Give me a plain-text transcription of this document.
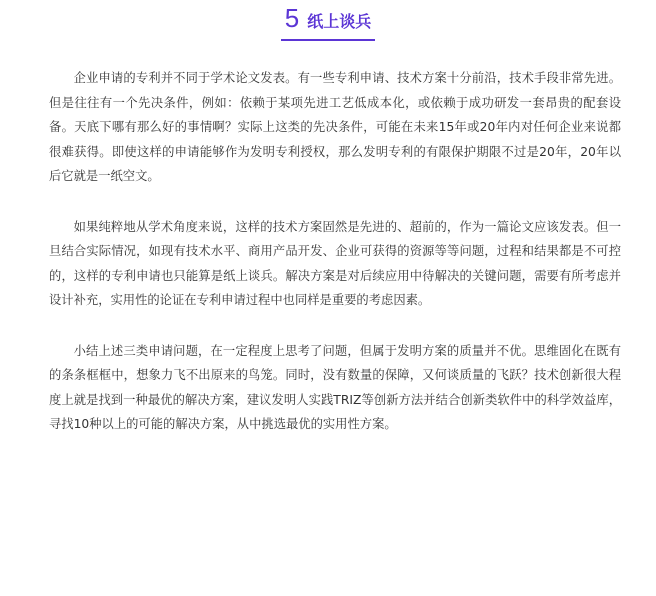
5 纸上谈兵

企业申请的专利并不同于学术论文发表。有一些专利申请、技术方案十分前沿，技术手段非常先进。但是往往有一个先决条件，例如：依赖于某项先进工艺低成本化，或依赖于成功研发一套昂贵的配套设备。天底下哪有那么好的事情啊？实际上这类的先决条件，可能在未来15年或20年内对任何企业来说都很难获得。即使这样的申请能够作为发明专利授权，那么发明专利的有限保护期限不过是20年，20年以后它就是一纸空文。

如果纯粹地从学术角度来说，这样的技术方案固然是先进的、超前的，作为一篇论文应该发表。但一旦结合实际情况，如现有技术水平、商用产品开发、企业可获得的资源等等问题，过程和结果都是不可控的，这样的专利申请也只能算是纸上谈兵。解决方案是对后续应用中待解决的关键问题，需要有所考虑并设计补充，实用性的论证在专利申请过程中也同样是重要的考虑因素。

小结上述三类申请问题，在一定程度上思考了问题，但属于发明方案的质量并不优。思维固化在既有的条条框框中，想象力飞不出原来的鸟笼。同时，没有数量的保障，又何谈质量的飞跃？技术创新很大程度上就是找到一种最优的解决方案，建议发明人实践TRIZ等创新方法并结合创新类软件中的科学效益库，寻找10种以上的可能的解决方案，从中挑选最优的实用性方案。
